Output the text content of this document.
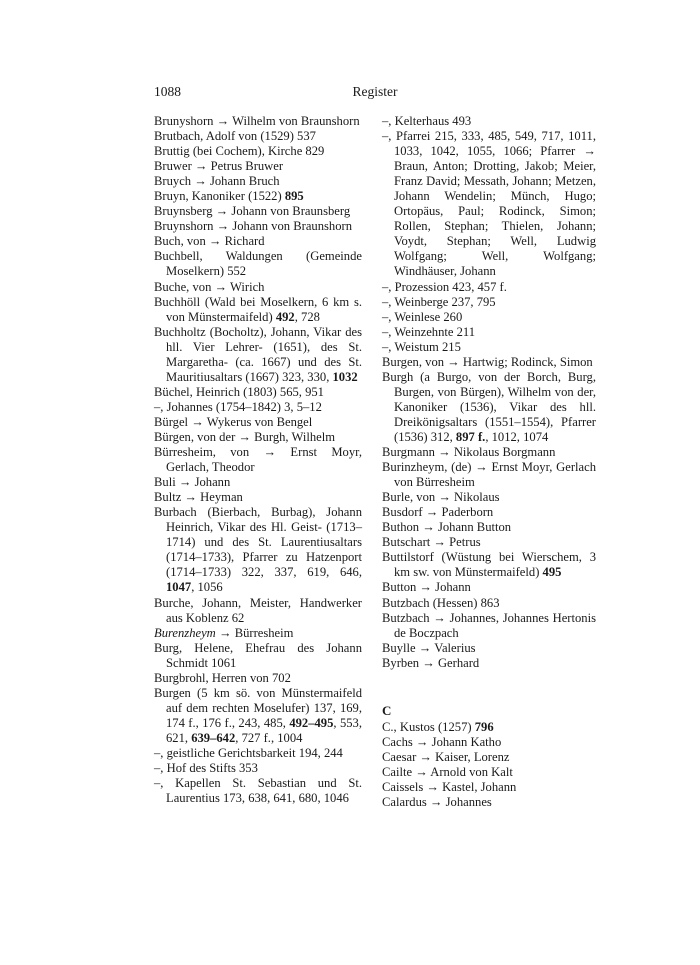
1088	Register

Brunyshorn → Wilhelm von Braunshorn

Brutbach, Adolf von (1529) 537

Bruttig (bei Cochem), Kirche 829

Bruwer → Petrus Bruwer

Bruych → Johann Bruch

Bruyn, Kanoniker (1522) 895

Bruynsberg → Johann von Braunsberg

Bruynshorn → Johann von Braunshorn

Buch, von → Richard

Buchbell, Waldungen (Gemeinde Moselkern) 552

Buche, von → Wirich

Buchhöll (Wald bei Moselkern, 6 km s. von Münstermaifeld) 492, 728

Buchholtz (Bocholtz), Johann, Vikar des hll. Vier Lehrer- (1651), des St. Margaretha- (ca. 1667) und des St. Mauritiusaltars (1667) 323, 330, 1032

Büchel, Heinrich (1803) 565, 951

–, Johannes (1754–1842) 3, 5–12

Bürgel → Wykerus von Bengel

Bürgen, von der → Burgh, Wilhelm

Bürresheim, von → Ernst Moyr, Gerlach, Theodor

Buli → Johann

Bultz → Heyman

Burbach (Bierbach, Burbag), Johann Heinrich, Vikar des Hl. Geist- (1713–1714) und des St. Laurentiusaltars (1714–1733), Pfarrer zu Hatzenport (1714–1733) 322, 337, 619, 646, 1047, 1056

Burche, Johann, Meister, Handwerker aus Koblenz 62

Burenzheym → Bürresheim

Burg, Helene, Ehefrau des Johann Schmidt 1061

Burgbrohl, Herren von 702

Burgen (5 km sö. von Münstermaifeld auf dem rechten Moselufer) 137, 169, 174 f., 176 f., 243, 485, 492–495, 553, 621, 639–642, 727 f., 1004

–, geistliche Gerichtsbarkeit 194, 244

–, Hof des Stifts 353

–, Kapellen St. Sebastian und St. Laurentius 173, 638, 641, 680, 1046

–, Kelterhaus 493

–, Pfarrei 215, 333, 485, 549, 717, 1011, 1033, 1042, 1055, 1066; Pfarrer → Braun, Anton; Drotting, Jakob; Meier, Franz David; Messath, Johann; Metzen, Johann Wendelin; Münch, Hugo; Ortopäus, Paul; Rodinck, Simon; Rollen, Stephan; Thielen, Johann; Voydt, Stephan; Well, Ludwig Wolfgang; Well, Wolfgang; Windhäuser, Johann

–, Prozession 423, 457 f.

–, Weinberge 237, 795

–, Weinlese 260

–, Weinzehnte 211

–, Weistum 215

Burgen, von → Hartwig; Rodinck, Simon

Burgh (a Burgo, von der Borch, Burg, Burgen, von Bürgen), Wilhelm von der, Kanoniker (1536), Vikar des hll. Dreikönigsaltars (1551–1554), Pfarrer (1536) 312, 897 f., 1012, 1074

Burgmann → Nikolaus Borgmann

Burinzheym, (de) → Ernst Moyr, Gerlach von Bürresheim

Burle, von → Nikolaus

Busdorf → Paderborn

Buthon → Johann Button

Butschart → Petrus

Buttilstorf (Wüstung bei Wierschem, 3 km sw. von Münstermaifeld) 495

Button → Johann

Butzbach (Hessen) 863

Butzbach → Johannes, Johannes Hertonis de Boczpach

Buylle → Valerius

Byrben → Gerhard

C

C., Kustos (1257) 796

Cachs → Johann Katho

Caesar → Kaiser, Lorenz

Cailte → Arnold von Kalt

Caissels → Kastel, Johann

Calardus → Johannes
